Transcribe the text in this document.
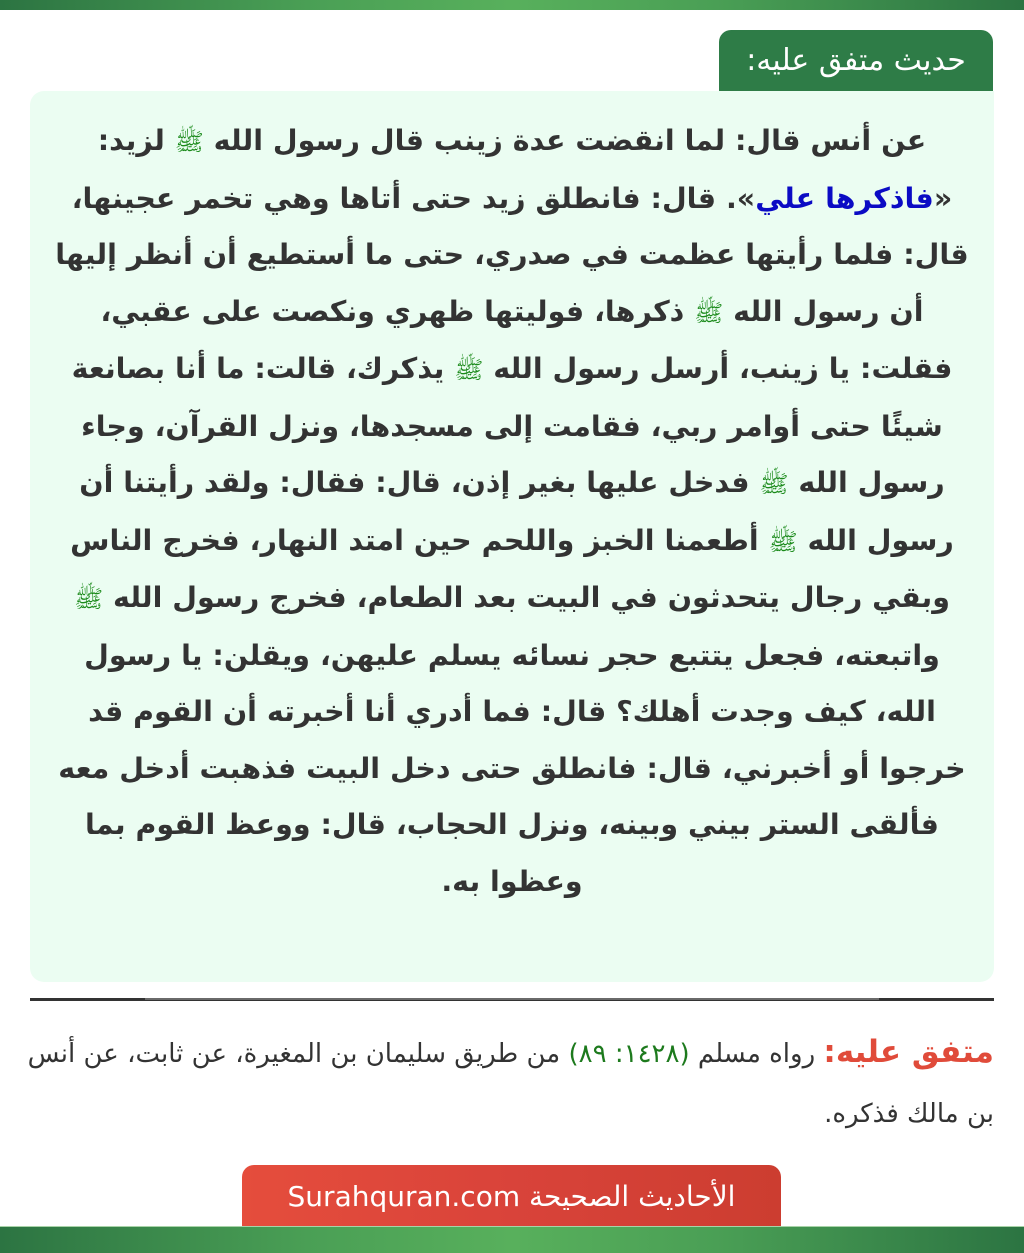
حديث متفق عليه:

عن أنس قال: لما انقضت عدة زينب قال رسول الله ﷺ لزيد: «فاذكرها علي». قال: فانطلق زيد حتى أتاها وهي تخمر عجينها، قال: فلما رأيتها عظمت في صدري، حتى ما أستطيع أن أنظر إليها أن رسول الله ﷺ ذكرها، فوليتها ظهري ونكصت على عقبي، فقلت: يا زينب، أرسل رسول الله ﷺ يذكرك، قالت: ما أنا بصانعة شيئًا حتى أوامر ربي، فقامت إلى مسجدها، ونزل القرآن، وجاء رسول الله ﷺ فدخل عليها بغير إذن، قال: فقال: ولقد رأيتنا أن رسول الله ﷺ أطعمنا الخبز واللحم حين امتد النهار، فخرج الناس وبقي رجال يتحدثون في البيت بعد الطعام، فخرج رسول الله ﷺ واتبعته، فجعل يتتبع حجر نسائه يسلم عليهن، ويقلن: يا رسول الله، كيف وجدت أهلك؟ قال: فما أدري أنا أخبرته أن القوم قد خرجوا أو أخبرني، قال: فانطلق حتى دخل البيت فذهبت أدخل معه فألقى الستر بيني وبينه، ونزل الحجاب، قال: ووعظ القوم بما وعظوا به.

متفق عليه: رواه مسلم (١٤٢٨: ٨٩) من طريق سليمان بن المغيرة، عن ثابت، عن أنس بن مالك فذكره.
الأحاديث الصحيحة Surahquran.com
